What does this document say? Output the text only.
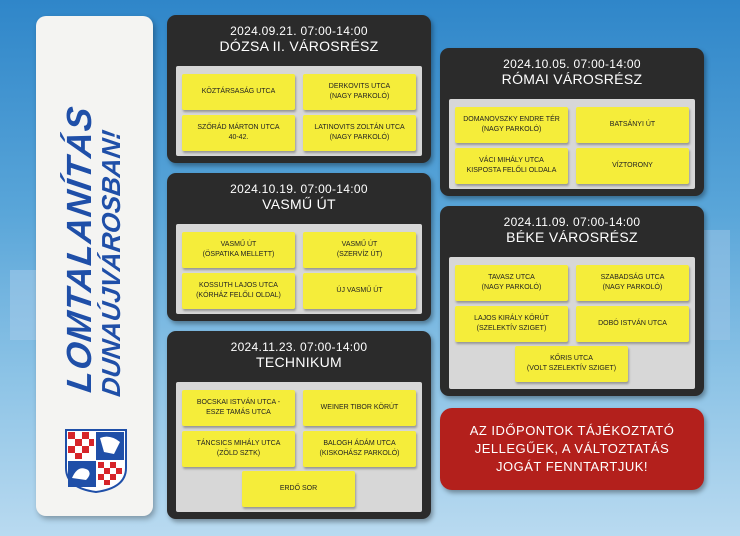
LOMTALANÍTÁS
DUNAÚJVÁROSBAN!
2024.09.21. 07:00-14:00
DÓZSA II. VÁROSRÉSZ
KÖZTÁRSASÁG UTCA
DERKOVITS UTCA
(NAGY PARKOLÓ)
SZŐRÁD MÁRTON UTCA
40-42.
LATINOVITS ZOLTÁN UTCA
(NAGY PARKOLÓ)
2024.10.19. 07:00-14:00
VASMŰ ÚT
VASMŰ ÚT
(ÖSPATIKA MELLETT)
VASMŰ ÚT
(SZERVÍZ ÚT)
KOSSUTH LAJOS UTCA
(KÓRHÁZ FELŐLI OLDAL)
ÚJ VASMŰ ÚT
2024.11.23. 07:00-14:00
TECHNIKUM
BOCSKAI ISTVÁN UTCA -
ESZE TAMÁS UTCA
WEINER TIBOR KÖRÚT
TÁNCSICS MIHÁLY UTCA
(ZÖLD SZTK)
BALOGH ÁDÁM UTCA
(KISKOHÁSZ PARKOLÓ)
ERDŐ SOR
2024.10.05. 07:00-14:00
RÓMAI VÁROSRÉSZ
DOMANOVSZKY ENDRE TÉR
(NAGY PARKOLÓ)
BATSÁNYI ÚT
VÁCI MIHÁLY UTCA
KISPOSTA FELŐLI OLDALA
VÍZTORONY
2024.11.09. 07:00-14:00
BÉKE VÁROSRÉSZ
TAVASZ UTCA
(NAGY PARKOLÓ)
SZABADSÁG UTCA
(NAGY PARKOLÓ)
LAJOS KIRÁLY KÖRÚT
(SZELEKTÍV SZIGET)
DOBÓ ISTVÁN UTCA
KŐRIS UTCA
(VOLT SZELEKTÍV SZIGET)
AZ IDŐPONTOK TÁJÉKOZTATÓ
JELLEGŰEK, A VÁLTOZTATÁS
JOGÁT FENNTARTJUK!
